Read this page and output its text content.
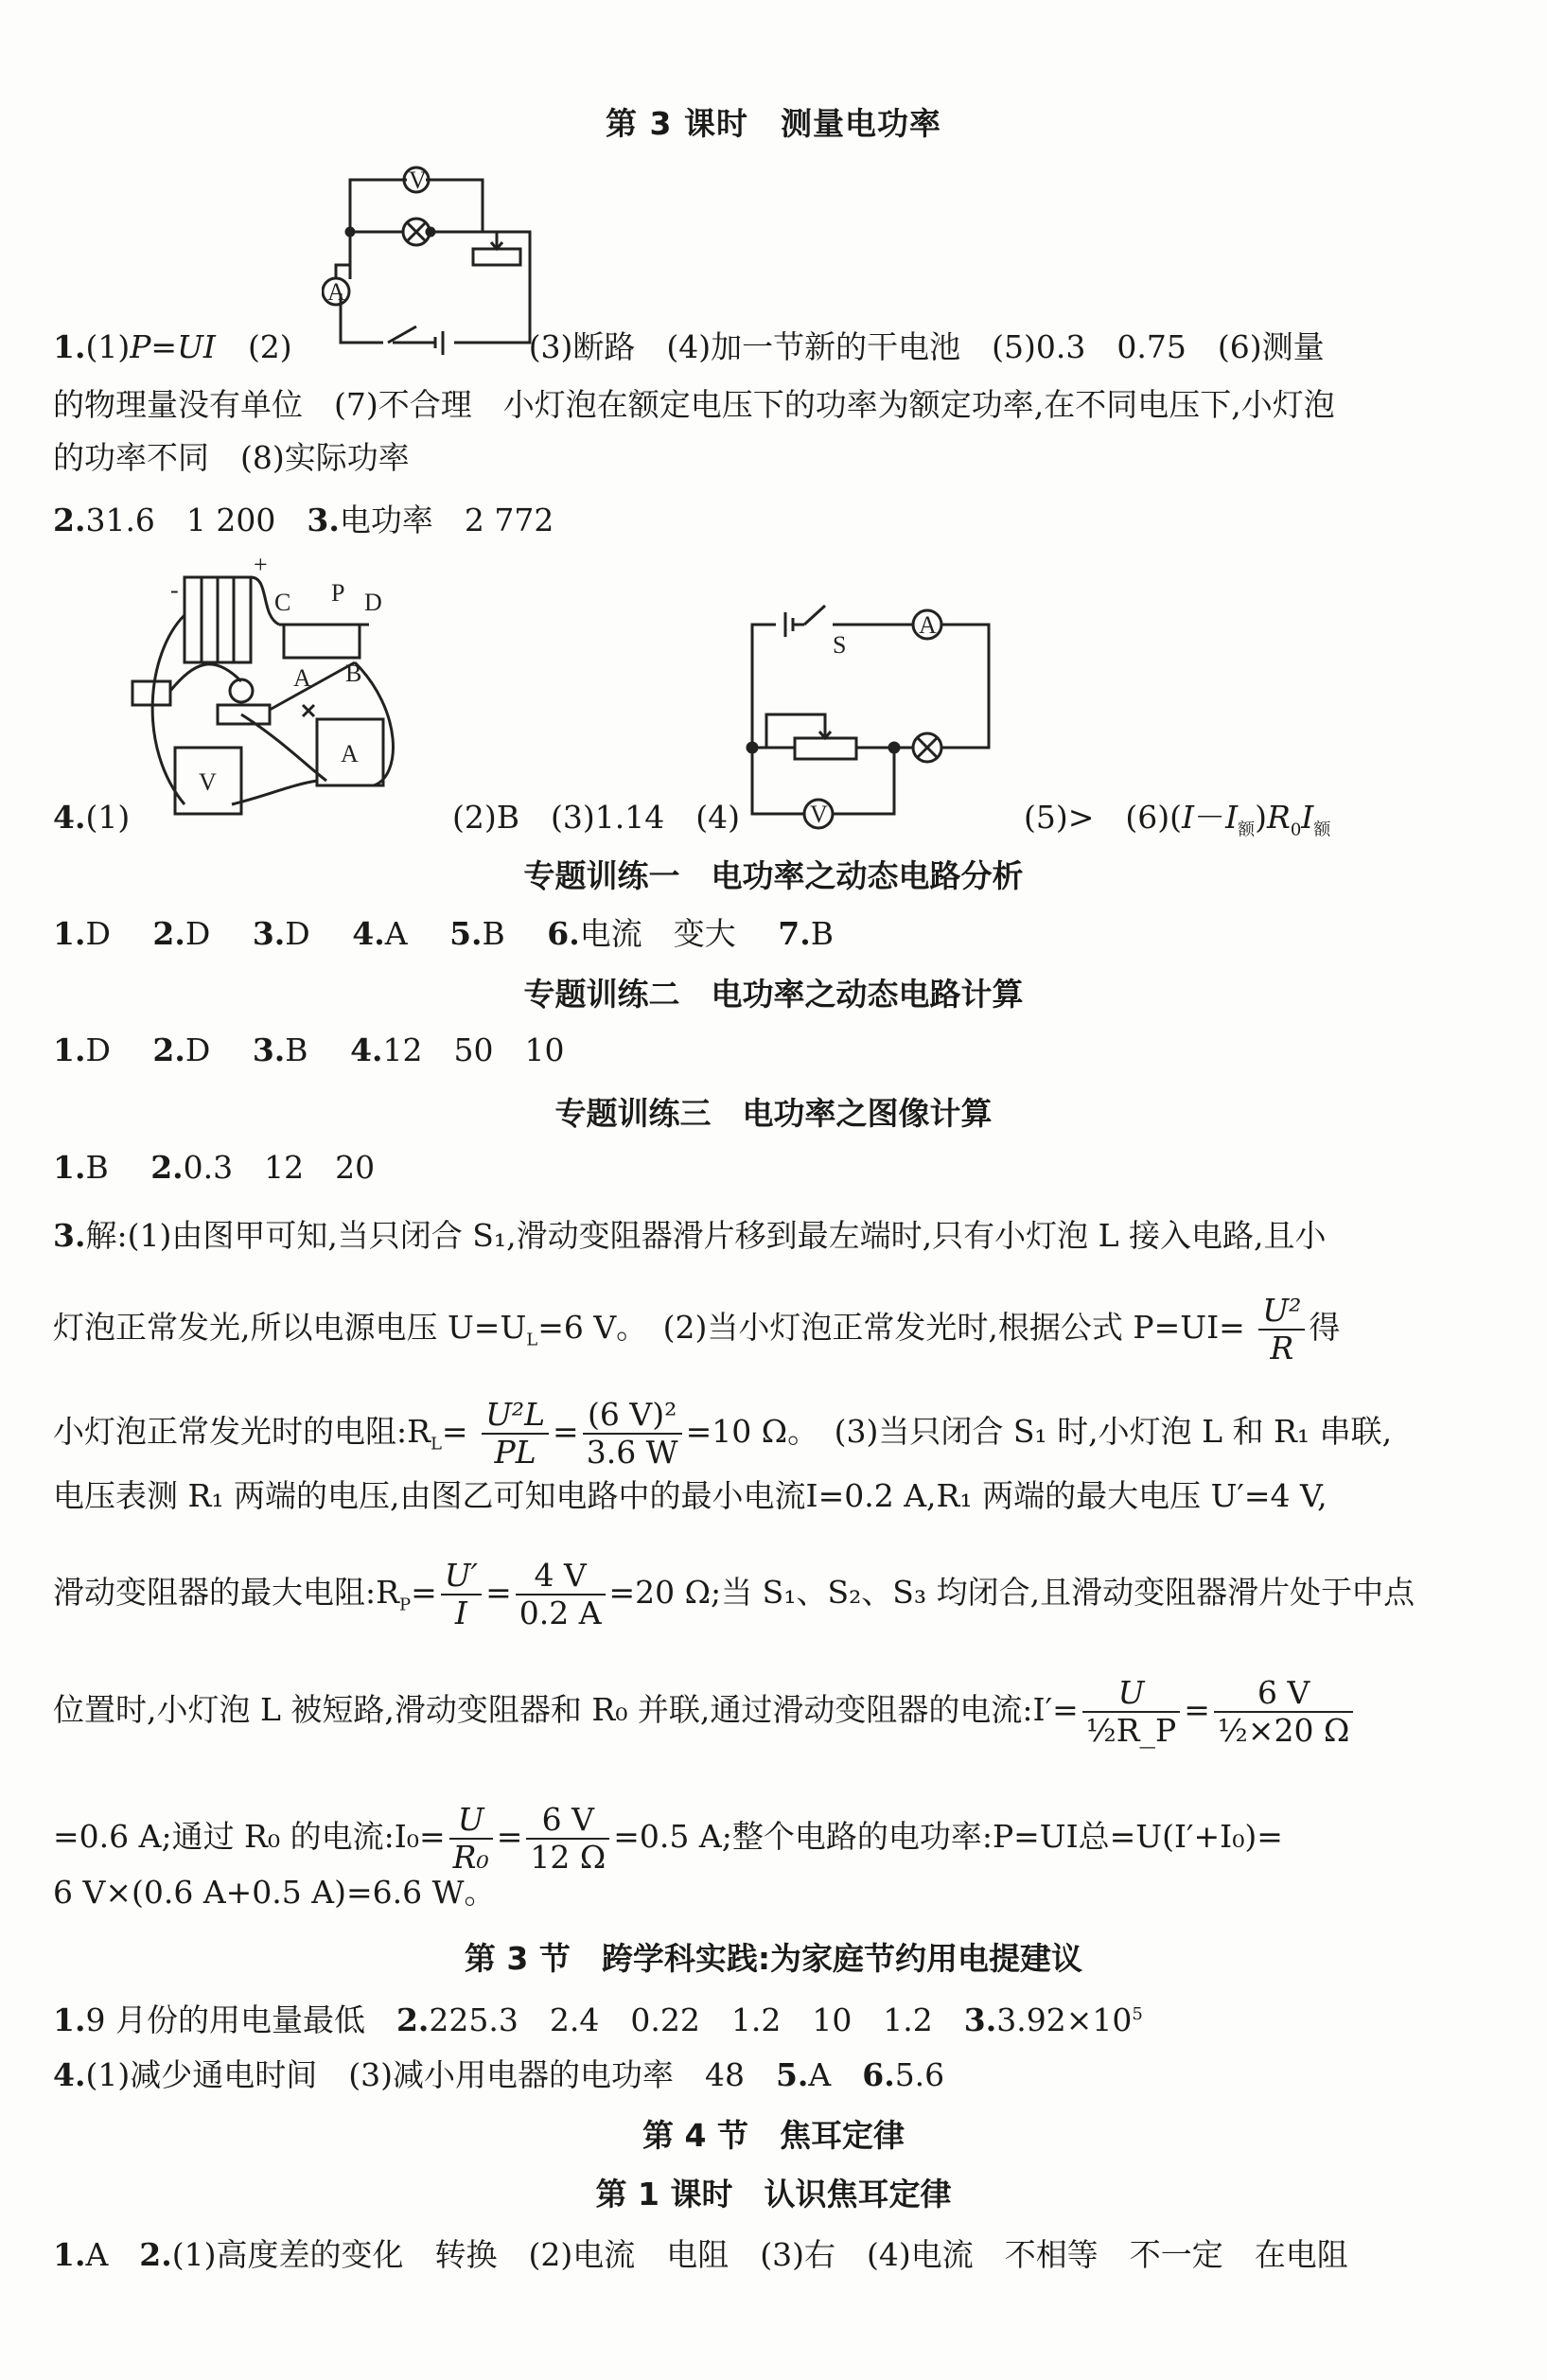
第 3 课时　测量电功率
V
A
1.(1)P=UI (2)	(3)断路　(4)加一节新的干电池　(5)0.3　0.75　(6)测量
的物理量没有单位　(7)不合理　小灯泡在额定电压下的功率为额定功率,在不同电压下,小灯泡
的功率不同　(8)实际功率
2.31.6　1 200　3.电功率　2 772
+
-	C P D
A B
V
A
S
A
V
4.(1)	(2)B　(3)1.14　(4)	(5)>　$(6)(I-I_额)R_0I_额$
专题训练一　电功率之动态电路分析
1.D 2.D 3.D 4.A 5.B 6.电流　变大 7.B
专题训练二　电功率之动态电路计算
1.D 2.D 3.B 4.12　50　10
专题训练三　电功率之图像计算
1.B 2.0.3　12　20
3.解:(1)由图甲可知,当只闭合 S₁,滑动变阻器滑片移到最左端时,只有小灯泡 L 接入电路,且小
灯泡正常发光,所以电源电压 $U=U_L=6$ V。　(2)当小灯泡正常发光时,根据公式 $P=UI= \frac{\text{U²}}{R}$ 得
小灯泡正常发光时的电阻$:R_L= \frac{\text{U²L}}{PL} = \frac{\text{(6 V)²}}{3.6 W} =10$ Ω。　(3)当只闭合 S₁ 时,小灯泡 L 和 R₁ 串联,
电压表测 R₁ 两端的电压,由图乙可知电路中的最小电流I=0.2 A,R₁ 两端的最大电压 U′=4 V,
滑动变阻器的最大电阻$:R_P= \frac{U'}{I} = \frac{4 V}{0.2 A} =20$ Ω;当 S₁、S₂、S₃ 均闭合,且滑动变阻器滑片处于中点
位置时,小灯泡 L 被短路,滑动变阻器和 R₀ 并联,通过滑动变阻器的电流:I′= $\frac{U}{\text{½R\_P}} = \frac{6 V}{\text{½×20 Ω}}$
=0.6 A;通过 R₀ 的电流:I₀= $\frac{U}{\text{R₀}} = \frac{6 V}{12 \Omega} =0.5$ A;整个电路的电功率:P=UI总=U(I′+I₀)=
6 V×(0.6 A+0.5 A)=6.6 W。
第 3 节　跨学科实践:为家庭节约用电提建议
1.9 月份的用电量最低　2.225.3　2.4　0.22　1.2　10　1.2　$3.3.92\times 10^5$
4.(1)减少通电时间　(3)减小用电器的电功率　48　5.A　6.5.6
第 4 节　焦耳定律
第 1 课时　认识焦耳定律
1.A　2.(1)高度差的变化　转换　(2)电流　电阻　(3)右　(4)电流　不相等　不一定　在电阻
